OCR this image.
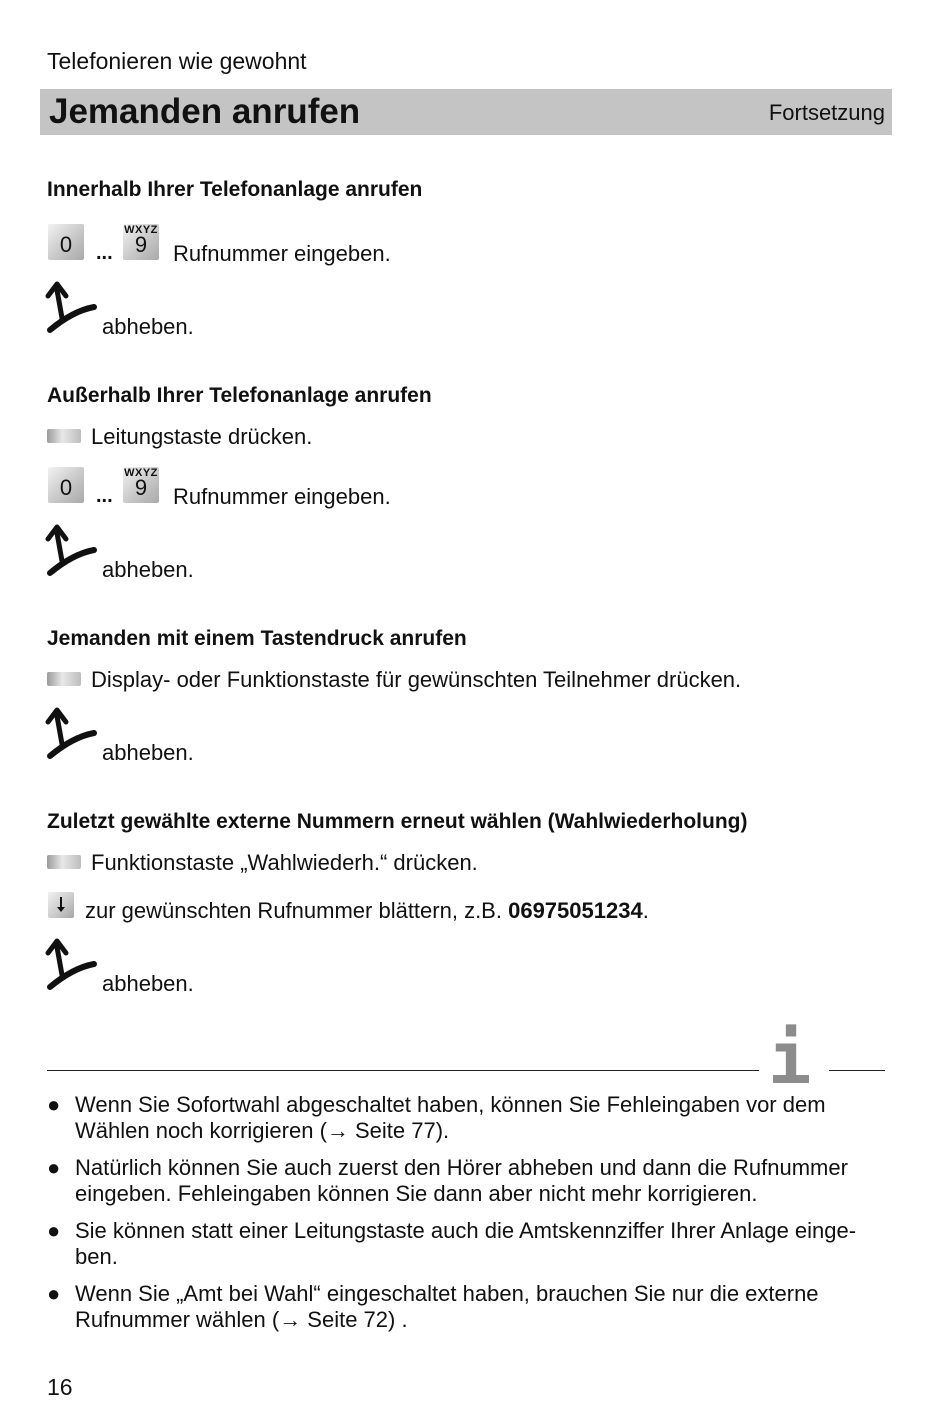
Telefonieren wie gewohnt
Jemanden anrufen	Fortsetzung
Innerhalb Ihrer Telefonanlage anrufen
0	...
WXYZ
9	Rufnummer eingeben.
abheben.
Außerhalb Ihrer Telefonanlage anrufen
Leitungstaste drücken.
0	...
WXYZ
9	Rufnummer eingeben.
abheben.
Jemanden mit einem Tastendruck anrufen
Display- oder Funktionstaste für gewünschten Teilnehmer drücken.
abheben.
Zuletzt gewählte externe Nummern erneut wählen (Wahlwiederholung)
Funktionstaste „Wahlwiederh.“ drücken.
zur gewünschten Rufnummer blättern, z.B. 06975051234.
abheben.
i
● Wenn Sie Sofortwahl abgeschaltet haben, können Sie Fehleingaben vor dem Wählen noch korrigieren (→ Seite 77).
● Natürlich können Sie auch zuerst den Hörer abheben und dann die Rufnummer eingeben. Fehleingaben können Sie dann aber nicht mehr korrigieren.
● Sie können statt einer Leitungstaste auch die Amtskennziffer Ihrer Anlage einge-ben.
● Wenn Sie „Amt bei Wahl“ eingeschaltet haben, brauchen Sie nur die externe Rufnummer wählen (→ Seite 72) .
16
